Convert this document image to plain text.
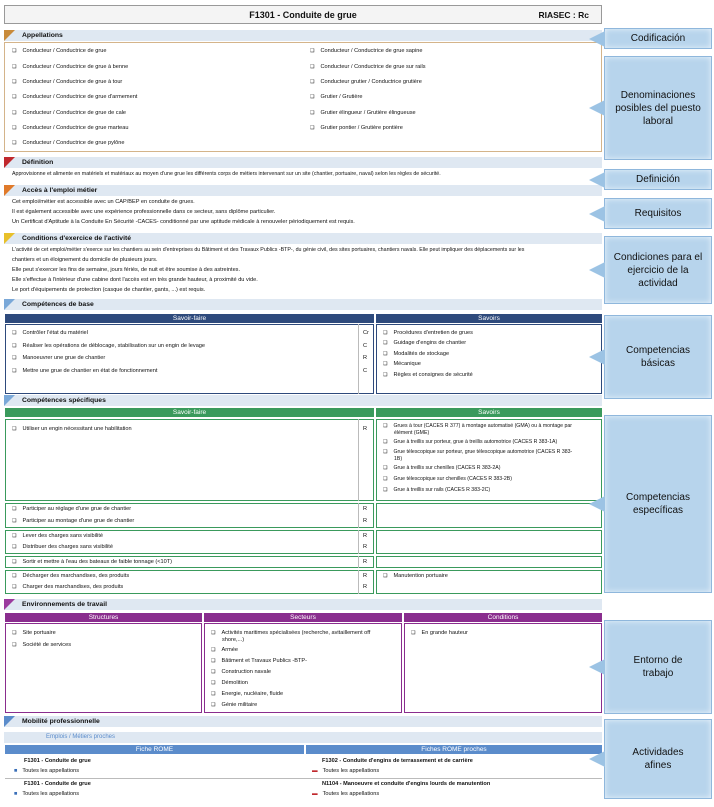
F1301 - Conduite de grue	RIASEC : Rc
Appellations
❑ Conducteur / Conductrice de grue
❑ Conducteur / Conductrice de grue à benne
❑ Conducteur / Conductrice de grue à tour
❑ Conducteur / Conductrice de grue d'armement
❑ Conducteur / Conductrice de grue de cale
❑ Conducteur / Conductrice de grue marteau
❑ Conducteur / Conductrice de grue pylône
❑ Conducteur / Conductrice de grue sapine
❑ Conducteur / Conductrice de grue sur rails
❑ Conducteur grutier / Conductrice grutière
❑ Grutier / Grutière
❑ Grutier élingueur / Grutière élingueuse
❑ Grutier pontier / Grutière pontière
Définition
Approvisionne et alimente en matériels et matériaux au moyen d'une grue les différents corps de métiers intervenant sur un site (chantier, portuaire, naval) selon les règles de sécurité.
Accès à l'emploi métier
Cet emploi/métier est accessible avec un CAP/BEP en conduite de grues.
Il est également accessible avec une expérience professionnelle dans ce secteur, sans diplôme particulier.
Un Certificat d'Aptitude à la Conduite En Sécurité -CACES- conditionné par une aptitude médicale à renouveler périodiquement est requis.
Conditions d'exercice de l'activité
L'activité de cet emploi/métier s'exerce sur les chantiers au sein d'entreprises du Bâtiment et des Travaux Publics -BTP-, du génie civil, des sites portuaires, chantiers navals. Elle peut impliquer des déplacements sur les
chantiers et un éloignement du domicile de plusieurs jours.
Elle peut s'exercer les fins de semaine, jours fériés, de nuit et être soumise à des astreintes.
Elle s'effectue à l'intérieur d'une cabine dont l'accès est en très grande hauteur, à proximité du vide.
Le port d'équipements de protection (casque de chantier, gants, ...) est requis.
Compétences de base
Savoir-faire	Savoirs
❑ Contrôler l'état du matériel	Cr
❑ Réaliser les opérations de déblocage, stabilisation sur un engin de levage	C
❑ Manoeuvrer une grue de chantier	R
❑ Mettre une grue de chantier en état de fonctionnement	C
❑ Procédures d'entretien de grues
❑ Guidage d'engins de chantier
❑ Modalités de stockage
❑ Mécanique
❑ Règles et consignes de sécurité
Compétences spécifiques
Savoir-faire	Savoirs
❑ Utiliser un engin nécessitant une habilitation	R
❑	Grues à tour (CACES R 377) à montage automatisé (GMA) ou à montage par
élément (GME)
❑ Grue à treillis sur porteur, grue à treillis automotrice (CACES R 383-1A)
❑ Grue télescopique sur porteur, grue télescopique automotrice (CACES R 383-
1B)
❑ Grue à treillis sur chenilles (CACES R 383-2A)
❑ Grue télescopique sur chenilles (CACES R 383-2B)
❑ Grue à treillis sur rails (CACES R 383-2C)
❑ Participer au réglage d'une grue de chantier	R
❑ Participer au montage d'une grue de chantier	R
❑ Lever des charges sans visibilité	R
❑ Distribuer des charges sans visibilité	R
❑ Sortir et mettre à l'eau des bateaux de faible tonnage (<10T)	R
❑ Décharger des marchandises, des produits	R
❑ Charger des marchandises, des produits	R
❑ Manutention portuaire
Environnements de travail
Structures	Secteurs	Conditions
❑ Site portuaire
❑ Société de services
❑ Activités maritimes spécialisées (recherche, avitaillement off
shore,...)
❑ Armée
❑ Bâtiment et Travaux Publics -BTP-
❑ Construction navale
❑ Démolition
❑ Energie, nucléaire, fluide
❑ Génie militaire
❑ En grande hauteur
Mobilité professionnelle
Emplois / Métiers proches
Fiche ROME	Fiches ROME proches
F1301 - Conduite de grue
■ Toutes les appellations
F1302 - Conduite d'engins de terrassement et de carrière
▬ Toutes les appellations
F1301 - Conduite de grue
■ Toutes les appellations
N1104 - Manoeuvre et conduite d'engins lourds de manutention
▬ Toutes les appellations
Codificación
Denominaciones posibles del puesto laboral
Definición
Requisitos
Condiciones para el ejercicio de la actividad
Competencias básicas
Competencias específicas
Entorno de trabajo
Actividades afines
